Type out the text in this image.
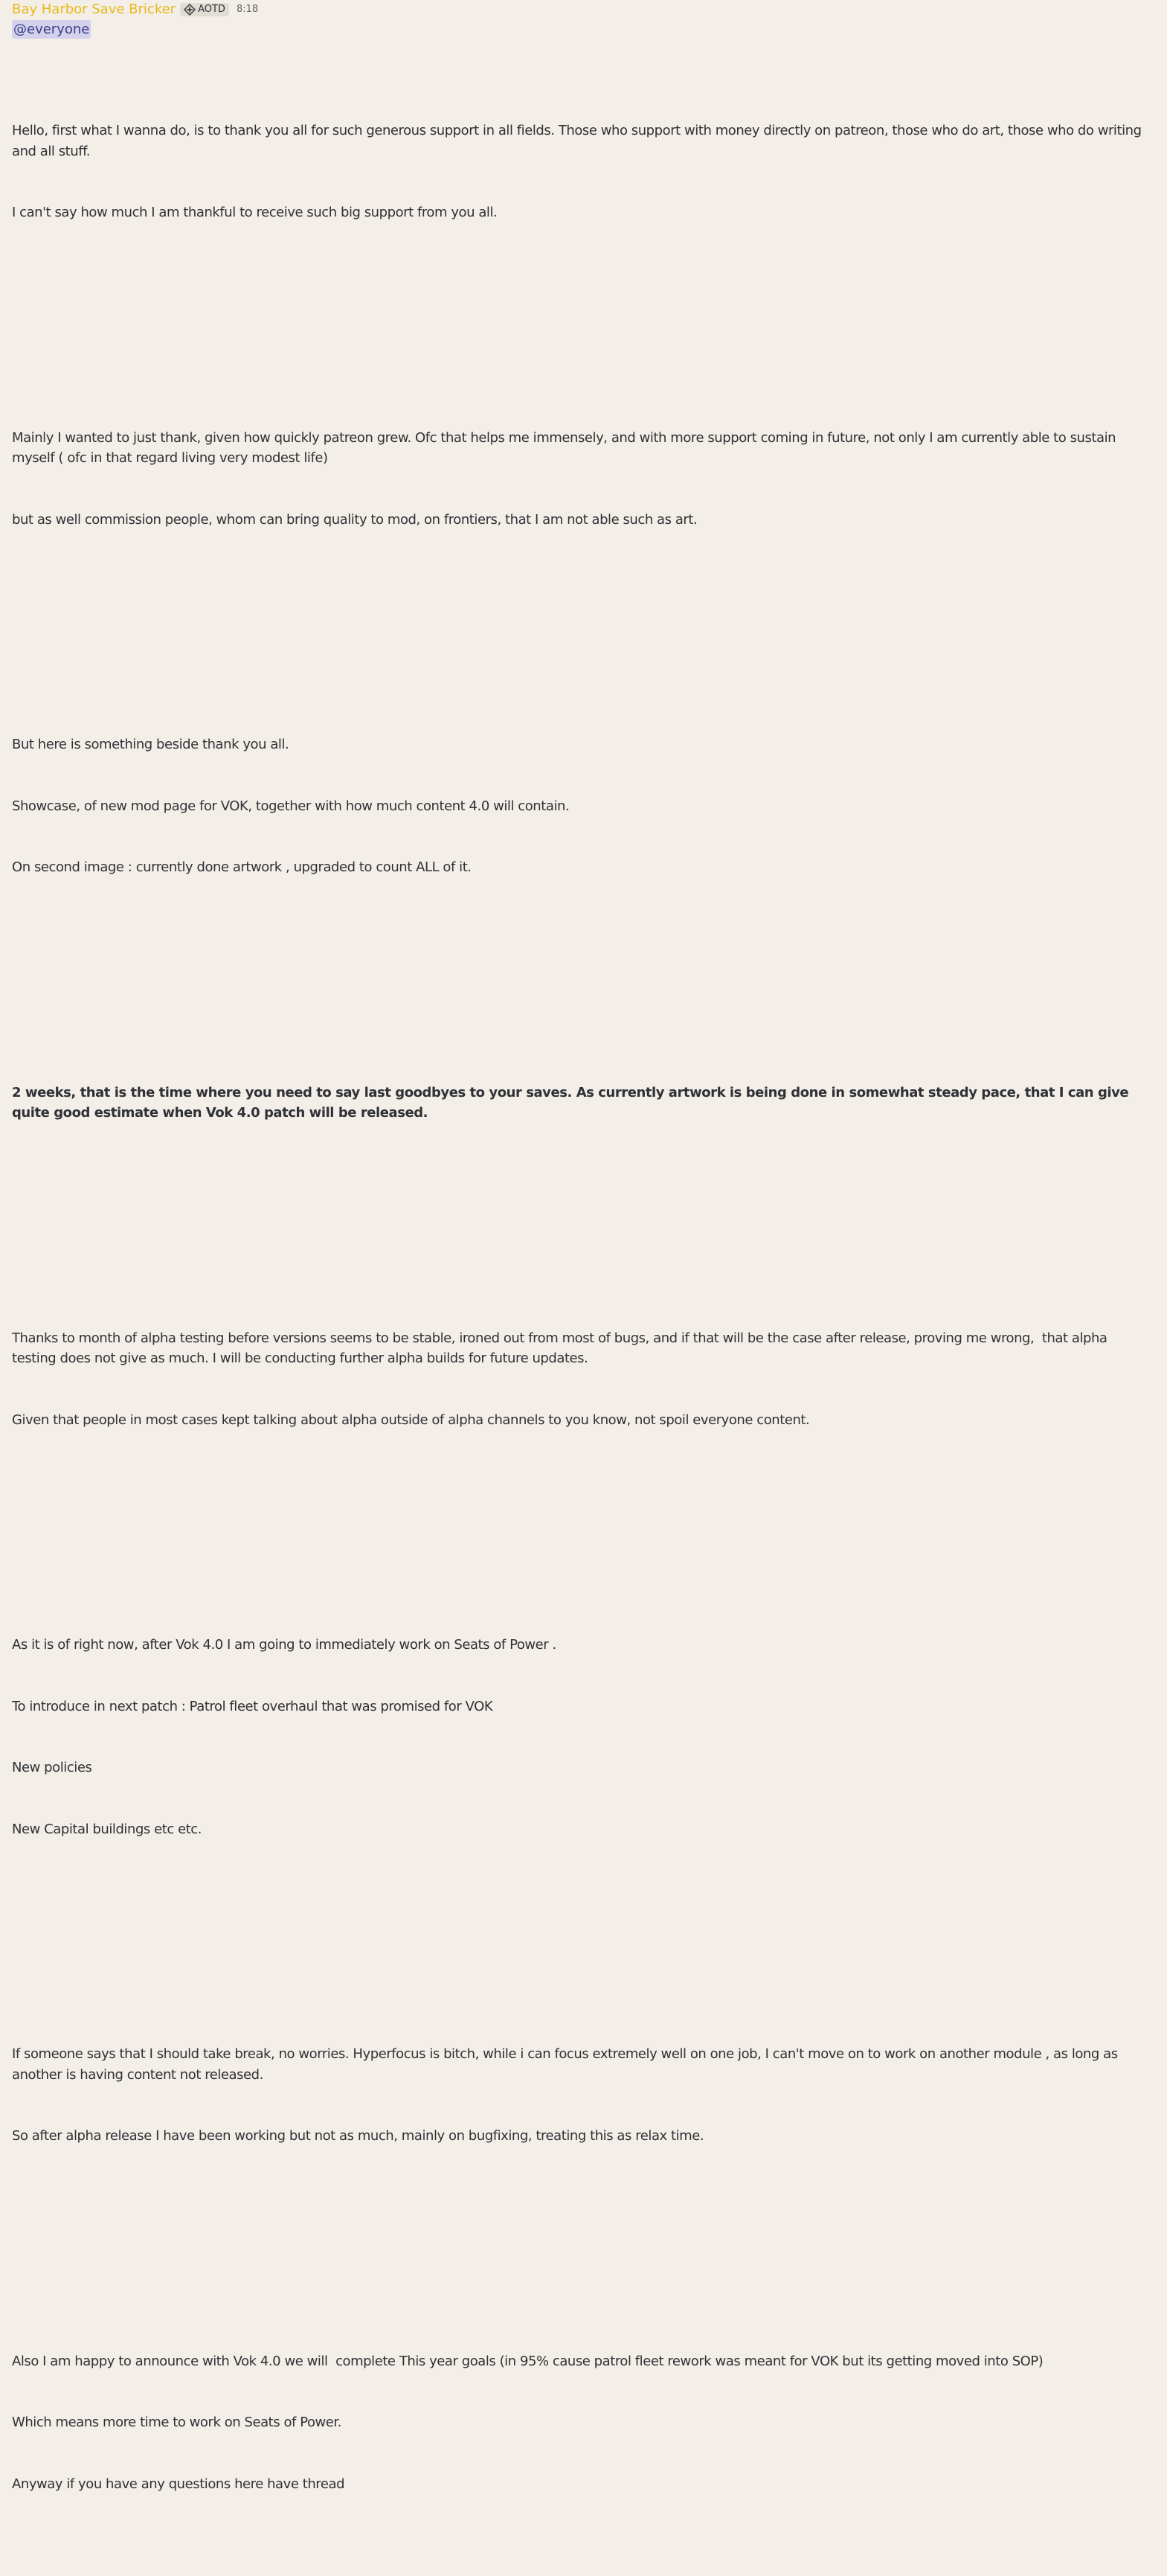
Bay Harbor Save Bricker AOTD 8:18
@everyone

Hello, first what I wanna do, is to thank you all for such generous support in all fields. Those who support with money directly on patreon, those who do art, those who do writing and all stuff.

I can't say how much I am thankful to receive such big support from you all.

Mainly I wanted to just thank, given how quickly patreon grew. Ofc that helps me immensely, and with more support coming in future, not only I am currently able to sustain myself ( ofc in that regard living very modest life)

but as well commission people, whom can bring quality to mod, on frontiers, that I am not able such as art.

But here is something beside thank you all.

Showcase, of new mod page for VOK, together with how much content 4.0 will contain.

On second image : currently done artwork , upgraded to count ALL of it.

2 weeks, that is the time where you need to say last goodbyes to your saves. As currently artwork is being done in somewhat steady pace, that I can give quite good estimate when Vok 4.0 patch will be released.

Thanks to month of alpha testing before versions seems to be stable, ironed out from most of bugs, and if that will be the case after release, proving me wrong,  that alpha testing does not give as much. I will be conducting further alpha builds for future updates.

Given that people in most cases kept talking about alpha outside of alpha channels to you know, not spoil everyone content.

As it is of right now, after Vok 4.0 I am going to immediately work on Seats of Power .

To introduce in next patch : Patrol fleet overhaul that was promised for VOK

New policies

New Capital buildings etc etc.

If someone says that I should take break, no worries. Hyperfocus is bitch, while i can focus extremely well on one job, I can't move on to work on another module , as long as another is having content not released.

So after alpha release I have been working but not as much, mainly on bugfixing, treating this as relax time.

Also I am happy to announce with Vok 4.0 we will  complete This year goals (in 95% cause patrol fleet rework was meant for VOK but its getting moved into SOP)

Which means more time to work on Seats of Power.

Anyway if you have any questions here have thread
